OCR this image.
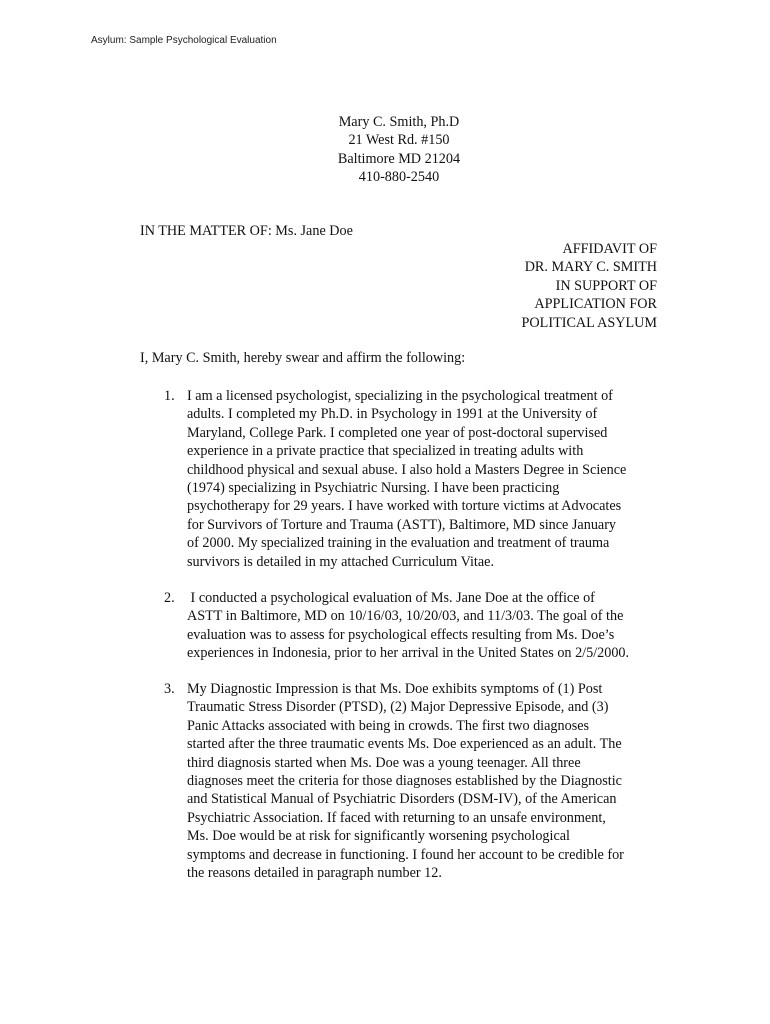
Asylum: Sample Psychological Evaluation
Mary C. Smith, Ph.D
21 West Rd. #150
Baltimore MD 21204
410-880-2540
IN THE MATTER OF: Ms. Jane Doe
AFFIDAVIT OF
DR. MARY C. SMITH
IN SUPPORT OF
APPLICATION FOR
POLITICAL ASYLUM
I, Mary C. Smith, hereby swear and affirm the following:
1. I am a licensed psychologist, specializing in the psychological treatment of
adults. I completed my Ph.D. in Psychology in 1991 at the University of
Maryland, College Park. I completed one year of post-doctoral supervised
experience in a private practice that specialized in treating adults with
childhood physical and sexual abuse. I also hold a Masters Degree in Science
(1974) specializing in Psychiatric Nursing. I have been practicing
psychotherapy for 29 years. I have worked with torture victims at Advocates
for Survivors of Torture and Trauma (ASTT), Baltimore, MD since January
of 2000. My specialized training in the evaluation and treatment of trauma
survivors is detailed in my attached Curriculum Vitae.
2. I conducted a psychological evaluation of Ms. Jane Doe at the office of
ASTT in Baltimore, MD on 10/16/03, 10/20/03, and 11/3/03. The goal of the
evaluation was to assess for psychological effects resulting from Ms. Doe’s
experiences in Indonesia, prior to her arrival in the United States on 2/5/2000.
3. My Diagnostic Impression is that Ms. Doe exhibits symptoms of (1) Post
Traumatic Stress Disorder (PTSD), (2) Major Depressive Episode, and (3)
Panic Attacks associated with being in crowds. The first two diagnoses
started after the three traumatic events Ms. Doe experienced as an adult. The
third diagnosis started when Ms. Doe was a young teenager. All three
diagnoses meet the criteria for those diagnoses established by the Diagnostic
and Statistical Manual of Psychiatric Disorders (DSM-IV), of the American
Psychiatric Association. If faced with returning to an unsafe environment,
Ms. Doe would be at risk for significantly worsening psychological
symptoms and decrease in functioning. I found her account to be credible for
the reasons detailed in paragraph number 12.
